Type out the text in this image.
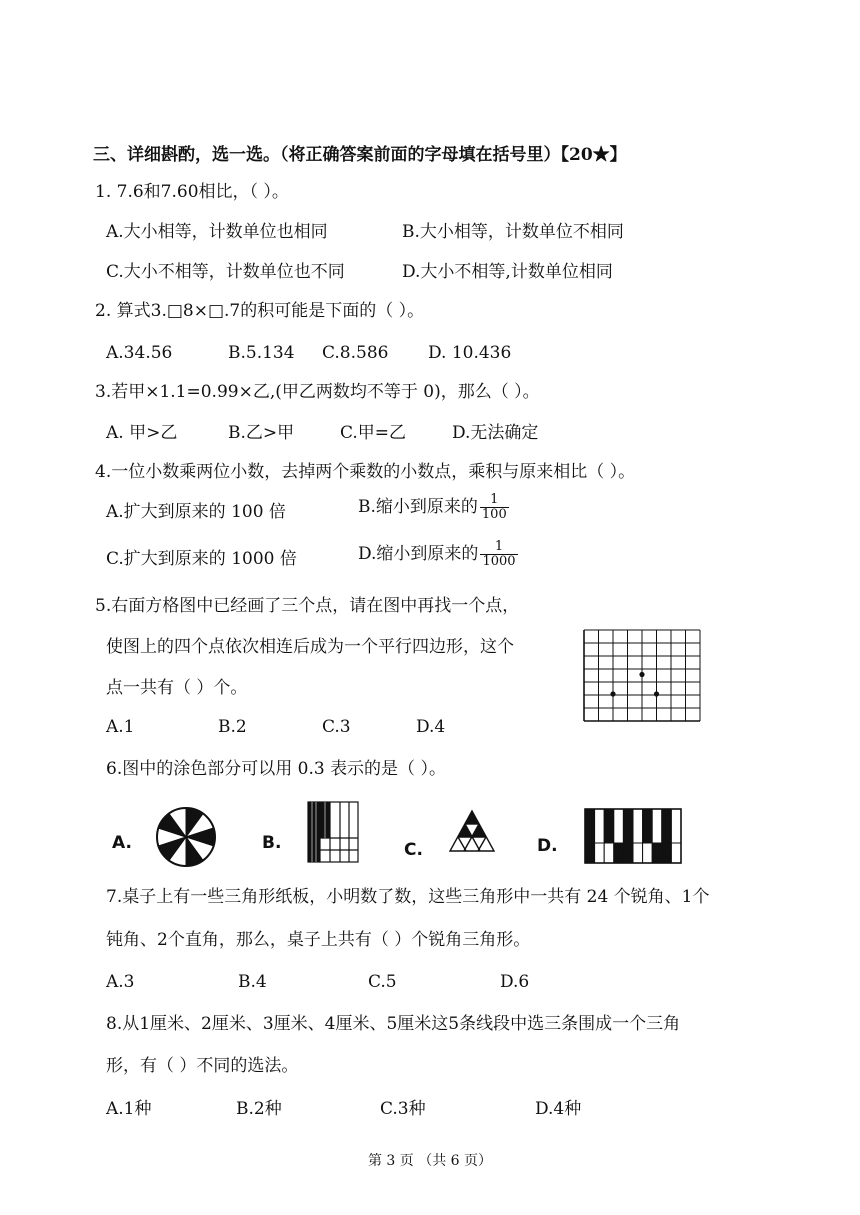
三、详细斟酌，选一选。（将正确答案前面的字母填在括号里）【20★】
1. 7.6和7.60相比，（ ）。
A.大小相等，计数单位也相同	B.大小相等，计数单位不相同
C.大小不相等，计数单位也不同	D.大小不相等,计数单位相同
2. 算式3.□8×□.7的积可能是下面的（ ）。
A.34.56	B.5.134 C.8.586 D. 10.436
3.若甲×1.1=0.99×乙,(甲乙两数均不等于 0)，那么（ ）。
A. 甲>乙	B.乙>甲	C.甲=乙	D.无法确定
4.一位小数乘两位小数，去掉两个乘数的小数点，乘积与原来相比（ ）。
A.扩大到原来的 100 倍	B.缩小到原来的 $\frac{1}{100}$
C.扩大到原来的 1000 倍	D.缩小到原来的 $\frac{1}{1000}$
5.右面方格图中已经画了三个点，请在图中再找一个点，
使图上的四个点依次相连后成为一个平行四边形，这个
点一共有（ ）个。
A.1	B.2	C.3	D.4
6.图中的涂色部分可以用 0.3 表示的是（ ）。
A.	B.	C.	D.
7.桌子上有一些三角形纸板，小明数了数，这些三角形中一共有 24 个锐角、1个
钝角、2个直角，那么，桌子上共有（ ）个锐角三角形。
A.3	B.4	C.5	D.6
8.从1厘米、2厘米、3厘米、4厘米、5厘米这5条线段中选三条围成一个三角
形，有（ ）不同的选法。
A.1种	B.2种	C.3种	D.4种
第 3 页 （共 6 页）
